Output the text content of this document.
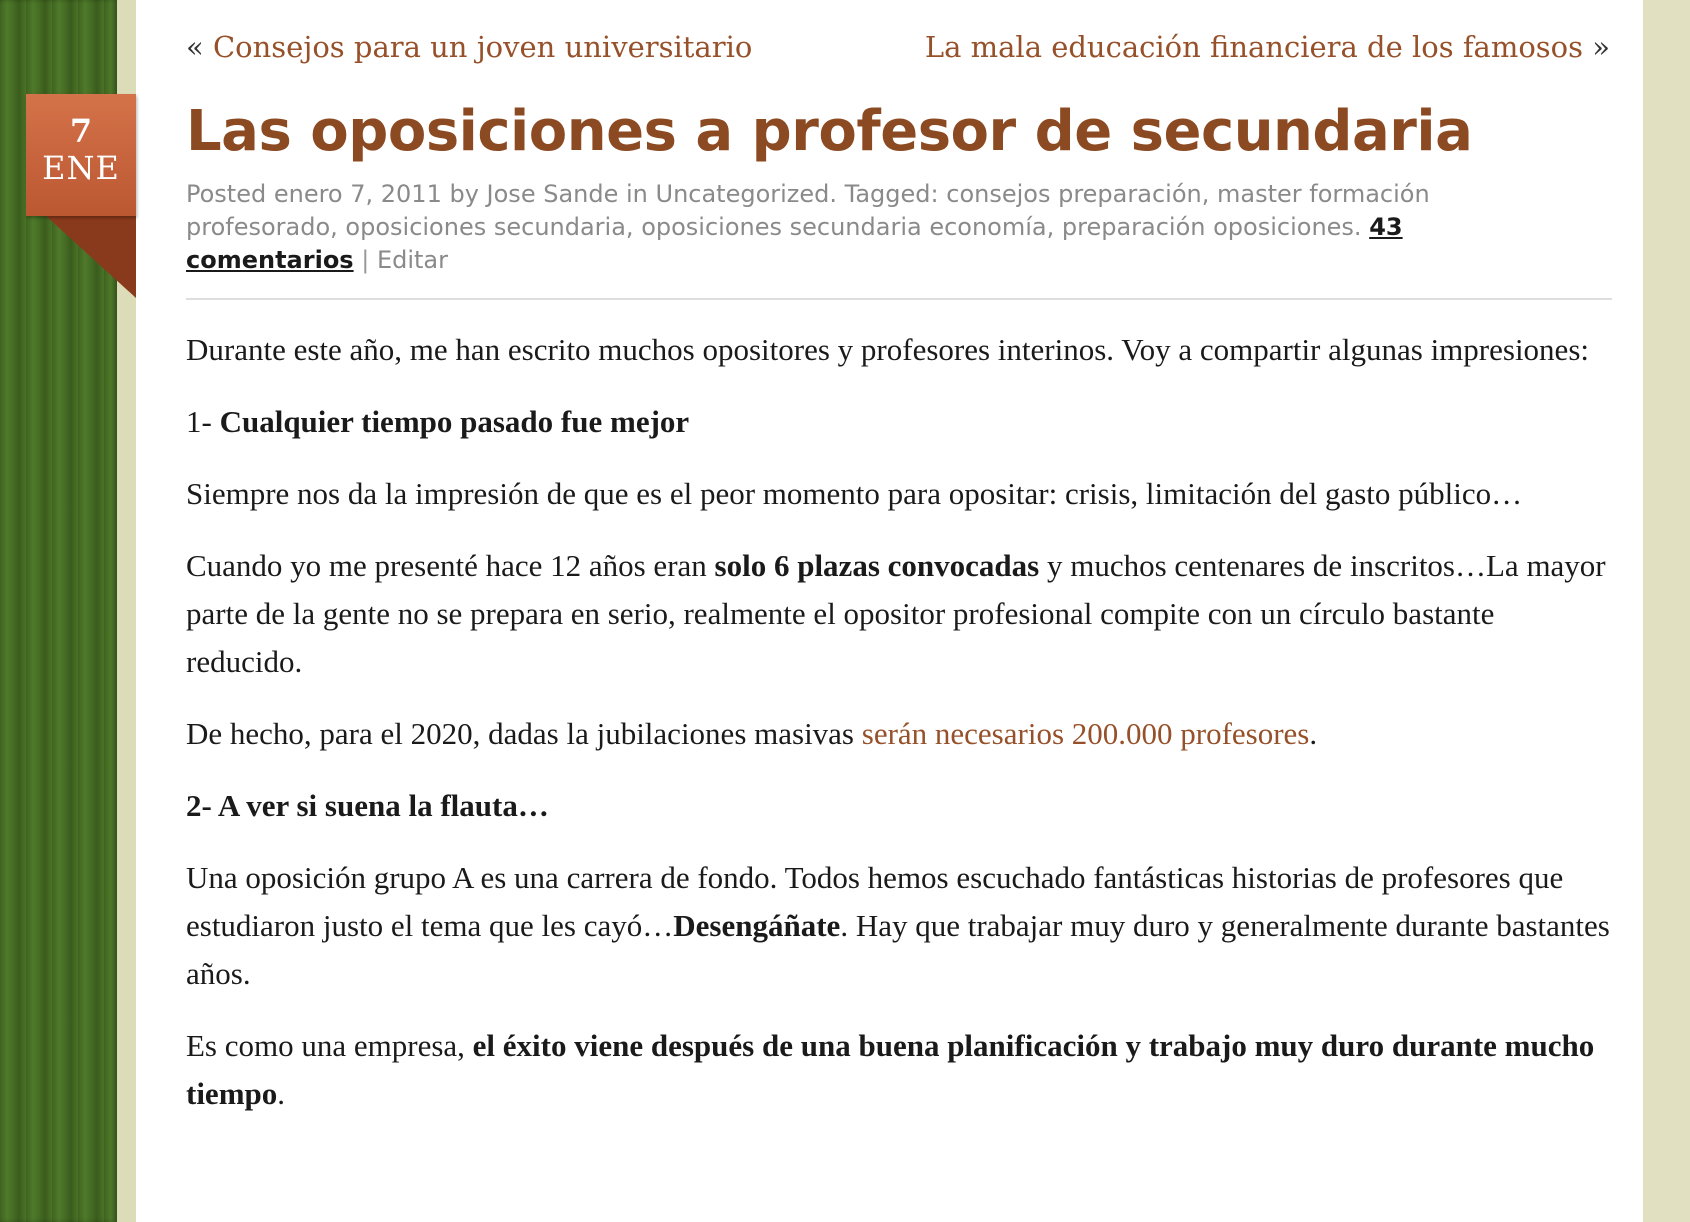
7
ENE
« Consejos para un joven universitario	La mala educación financiera de los famosos »
Las oposiciones a profesor de secundaria
Posted enero 7, 2011 by Jose Sande in Uncategorized. Tagged: consejos preparación, master formación profesorado, oposiciones secundaria, oposiciones secundaria economía, preparación oposiciones. 43 comentarios | Editar

Durante este año, me han escrito muchos opositores y profesores interinos. Voy a compartir algunas impresiones:

1- Cualquier tiempo pasado fue mejor

Siempre nos da la impresión de que es el peor momento para opositar: crisis, limitación del gasto público…

Cuando yo me presenté hace 12 años eran solo 6 plazas convocadas y muchos centenares de inscritos…La mayor parte de la gente no se prepara en serio, realmente el opositor profesional compite con un círculo bastante reducido.

De hecho, para el 2020, dadas la jubilaciones masivas serán necesarios 200.000 profesores.

2- A ver si suena la flauta…

Una oposición grupo A es una carrera de fondo. Todos hemos escuchado fantásticas historias de profesores que estudiaron justo el tema que les cayó…Desengáñate. Hay que trabajar muy duro y generalmente durante bastantes años.

Es como una empresa, el éxito viene después de una buena planificación y trabajo muy duro durante mucho tiempo.
